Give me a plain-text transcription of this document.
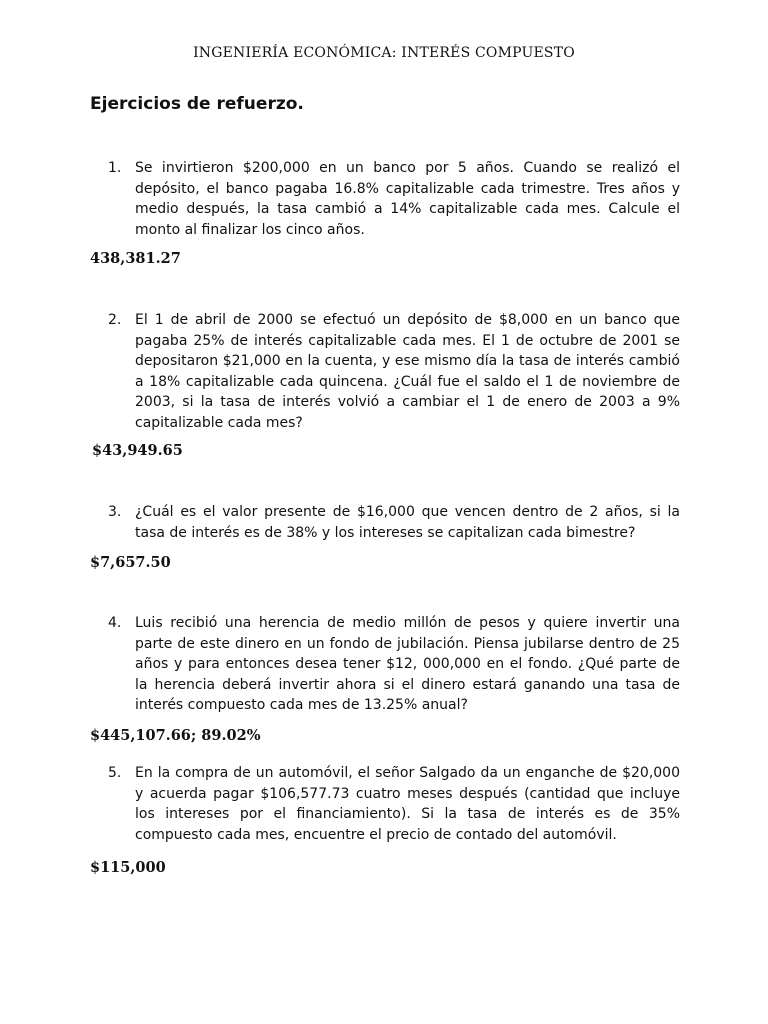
INGENIERÍA ECONÓMICA: INTERÉS COMPUESTO
Ejercicios de refuerzo.
1. Se invirtieron $200,000 en un banco por 5 años. Cuando se realizó el depósito, el banco pagaba 16.8% capitalizable cada trimestre. Tres años y medio después, la tasa cambió a 14% capitalizable cada mes. Calcule el monto al finalizar los cinco años.
438,381.27
2. El 1 de abril de 2000 se efectuó un depósito de $8,000 en un banco que pagaba 25% de interés capitalizable cada mes. El 1 de octubre de 2001 se depositaron $21,000 en la cuenta, y ese mismo día la tasa de interés cambió a 18% capitalizable cada quincena. ¿Cuál fue el saldo el 1 de noviembre de 2003, si la tasa de interés volvió a cambiar el 1 de enero de 2003 a 9% capitalizable cada mes?
$43,949.65
3. ¿Cuál es el valor presente de $16,000 que vencen dentro de 2 años, si la tasa de interés es de 38% y los intereses se capitalizan cada bimestre?
$7,657.50
4. Luis recibió una herencia de medio millón de pesos y quiere invertir una parte de este dinero en un fondo de jubilación. Piensa jubilarse dentro de 25 años y para entonces desea tener $12, 000,000 en el fondo. ¿Qué parte de la herencia deberá invertir ahora si el dinero estará ganando una tasa de interés compuesto cada mes de 13.25% anual?
$445,107.66; 89.02%
5. En la compra de un automóvil, el señor Salgado da un enganche de $20,000 y acuerda pagar $106,577.73 cuatro meses después (cantidad que incluye los intereses por el financiamiento). Si la tasa de interés es de 35% compuesto cada mes, encuentre el precio de contado del automóvil.
$115,000
